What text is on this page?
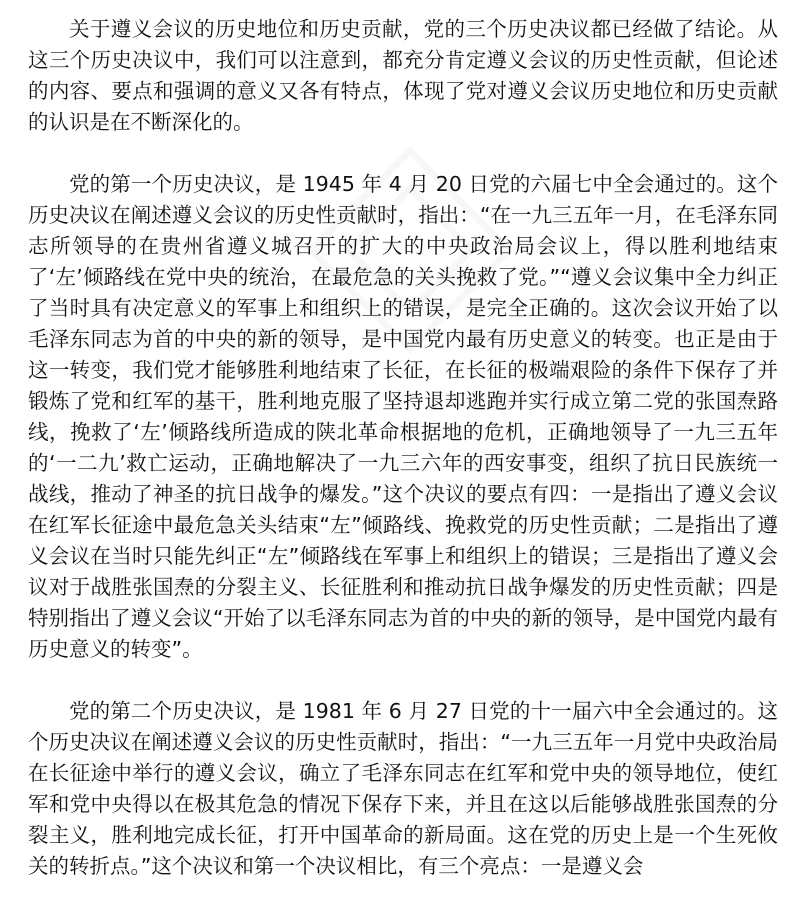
关于遵义会议的历史地位和历史贡献，党的三个历史决议都已经做了结论。从这三个历史决议中，我们可以注意到，都充分肯定遵义会议的历史性贡献，但论述的内容、要点和强调的意义又各有特点，体现了党对遵义会议历史地位和历史贡献的认识是在不断深化的。

党的第一个历史决议，是 1945 年 4 月 20 日党的六届七中全会通过的。这个历史决议在阐述遵义会议的历史性贡献时，指出：“在一九三五年一月，在毛泽东同志所领导的在贵州省遵义城召开的扩大的中央政治局会议上，得以胜利地结束了‘左’倾路线在党中央的统治，在最危急的关头挽救了党。”“遵义会议集中全力纠正了当时具有决定意义的军事上和组织上的错误，是完全正确的。这次会议开始了以毛泽东同志为首的中央的新的领导，是中国党内最有历史意义的转变。也正是由于这一转变，我们党才能够胜利地结束了长征，在长征的极端艰险的条件下保存了并锻炼了党和红军的基干，胜利地克服了坚持退却逃跑并实行成立第二党的张国焘路线，挽救了‘左’倾路线所造成的陕北革命根据地的危机，正确地领导了一九三五年的‘一二九’救亡运动，正确地解决了一九三六年的西安事变，组织了抗日民族统一战线，推动了神圣的抗日战争的爆发。”这个决议的要点有四：一是指出了遵义会议在红军长征途中最危急关头结束“左”倾路线、挽救党的历史性贡献；二是指出了遵义会议在当时只能先纠正“左”倾路线在军事上和组织上的错误；三是指出了遵义会议对于战胜张国焘的分裂主义、长征胜利和推动抗日战争爆发的历史性贡献；四是特别指出了遵义会议“开始了以毛泽东同志为首的中央的新的领导，是中国党内最有历史意义的转变”。

党的第二个历史决议，是 1981 年 6 月 27 日党的十一届六中全会通过的。这个历史决议在阐述遵义会议的历史性贡献时，指出：“一九三五年一月党中央政治局在长征途中举行的遵义会议，确立了毛泽东同志在红军和党中央的领导地位，使红军和党中央得以在极其危急的情况下保存下来，并且在这以后能够战胜张国焘的分裂主义，胜利地完成长征，打开中国革命的新局面。这在党的历史上是一个生死攸关的转折点。”这个决议和第一个决议相比，有三个亮点：一是遵义会
